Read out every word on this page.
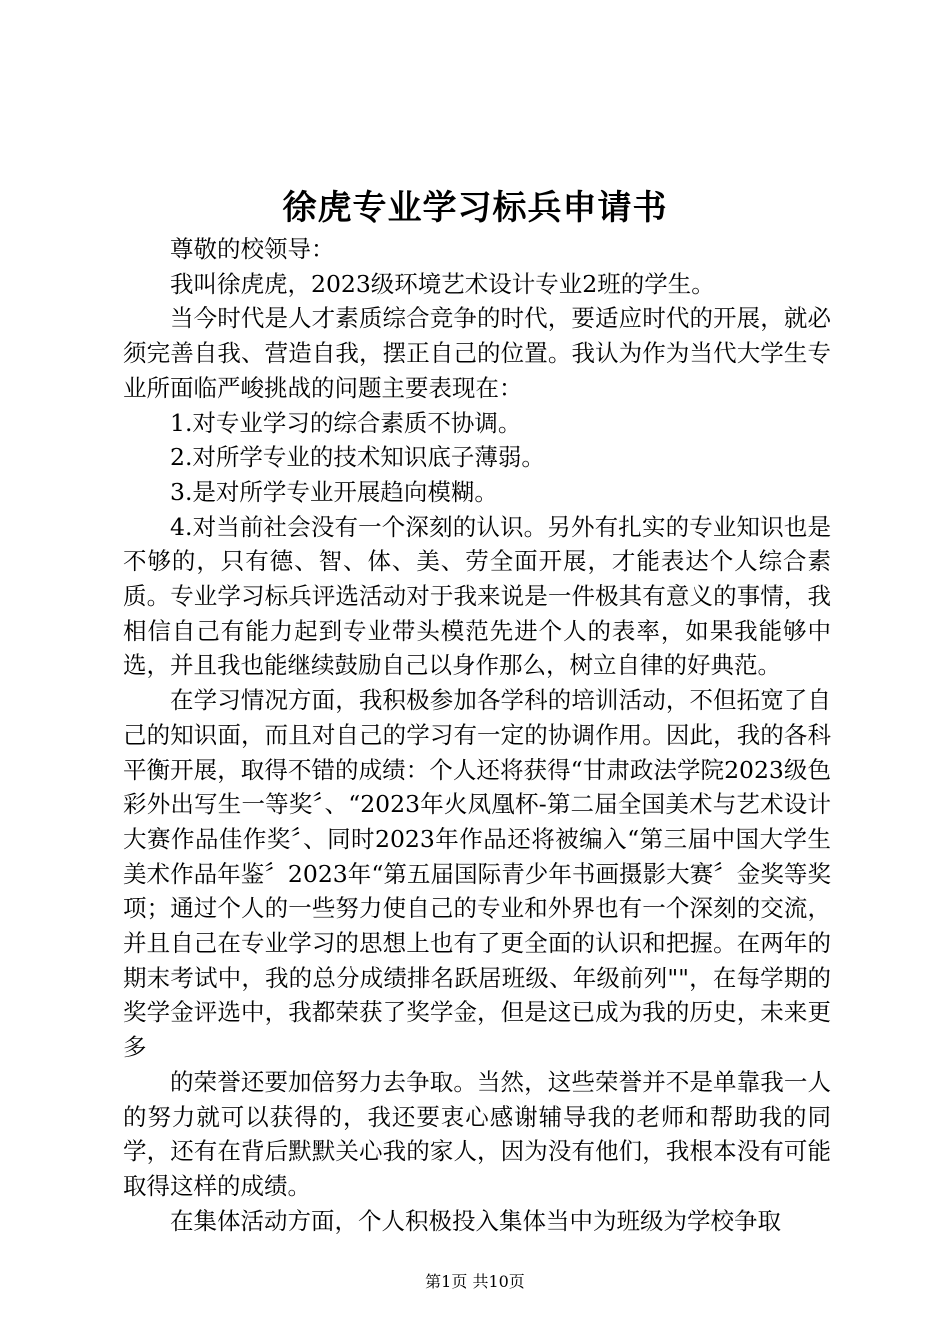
徐虎专业学习标兵申请书

尊敬的校领导：

我叫徐虎虎，2023级环境艺术设计专业2班的学生。

当今时代是人才素质综合竞争的时代，要适应时代的开展，就必须完善自我、营造自我，摆正自己的位置。我认为作为当代大学生专业所面临严峻挑战的问题主要表现在：

1.对专业学习的综合素质不协调。

2.对所学专业的技术知识底子薄弱。

3.是对所学专业开展趋向模糊。

4.对当前社会没有一个深刻的认识。另外有扎实的专业知识也是不够的，只有德、智、体、美、劳全面开展，才能表达个人综合素质。专业学习标兵评选活动对于我来说是一件极其有意义的事情，我相信自己有能力起到专业带头模范先进个人的表率，如果我能够中选，并且我也能继续鼓励自己以身作那么，树立自律的好典范。

在学习情况方面，我积极参加各学科的培训活动，不但拓宽了自己的知识面，而且对自己的学习有一定的协调作用。因此，我的各科平衡开展，取得不错的成绩：个人还将获得“甘肃政法学院2023级色彩外出写生一等奖〞、“2023年火凤凰杯-第二届全国美术与艺术设计大赛作品佳作奖〞、同时2023年作品还将被编入“第三届中国大学生美术作品年鉴〞2023年“第五届国际青少年书画摄影大赛〞金奖等奖项；通过个人的一些努力使自己的专业和外界也有一个深刻的交流，并且自己在专业学习的思想上也有了更全面的认识和把握。在两年的期末考试中，我的总分成绩排名跃居班级、年级前列""，在每学期的奖学金评选中，我都荣获了奖学金，但是这已成为我的历史，未来更多

的荣誉还要加倍努力去争取。当然，这些荣誉并不是单靠我一人的努力就可以获得的，我还要衷心感谢辅导我的老师和帮助我的同学，还有在背后默默关心我的家人，因为没有他们，我根本没有可能取得这样的成绩。

在集体活动方面，个人积极投入集体当中为班级为学校争取

第1页 共10页
